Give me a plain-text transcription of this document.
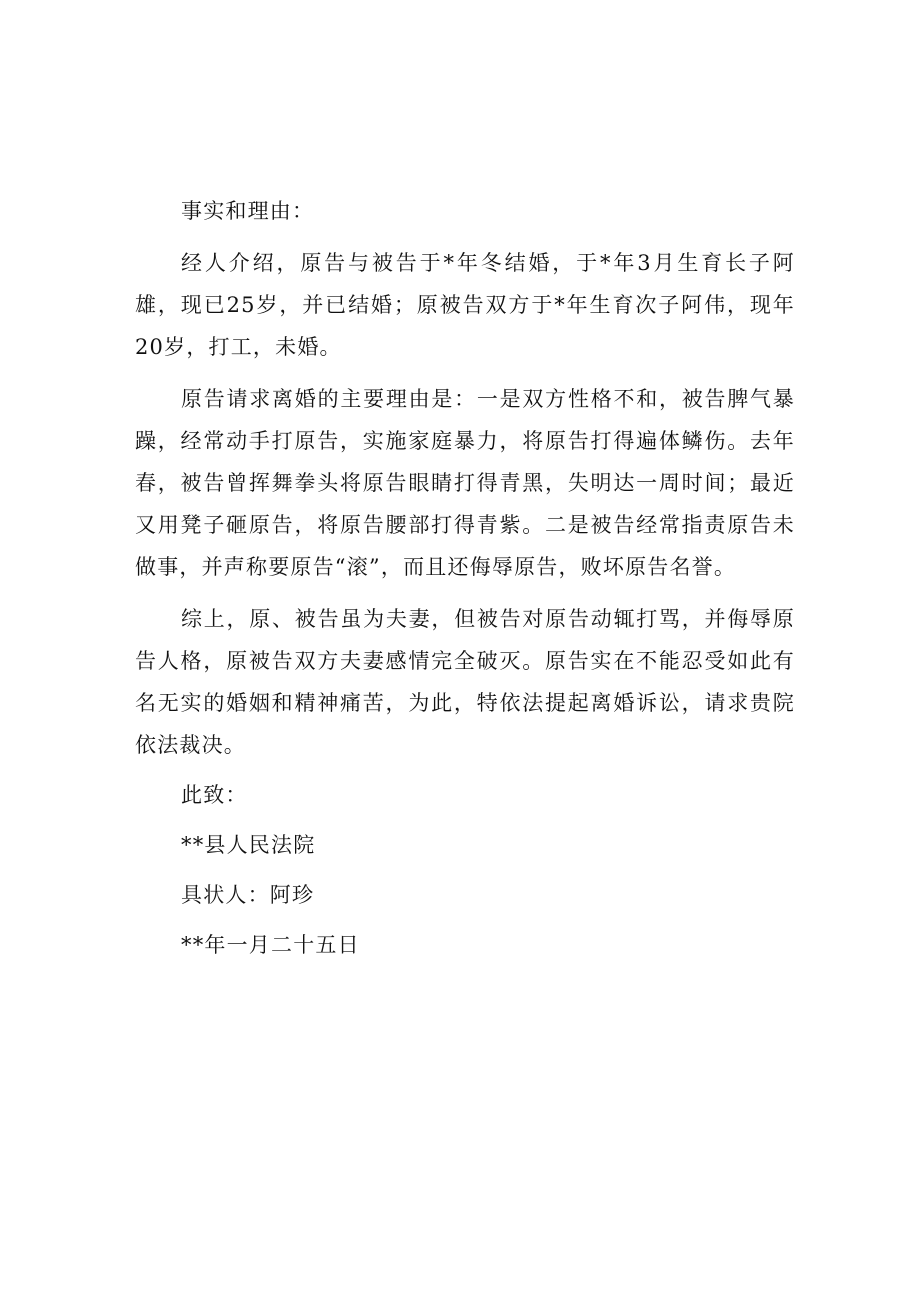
事实和理由：

经人介绍，原告与被告于*年冬结婚，于*年3月生育长子阿雄，现已25岁，并已结婚；原被告双方于*年生育次子阿伟，现年20岁，打工，未婚。

原告请求离婚的主要理由是：一是双方性格不和，被告脾气暴躁，经常动手打原告，实施家庭暴力，将原告打得遍体鳞伤。去年春，被告曾挥舞拳头将原告眼睛打得青黑，失明达一周时间；最近又用凳子砸原告，将原告腰部打得青紫。二是被告经常指责原告未做事，并声称要原告“滚”，而且还侮辱原告，败坏原告名誉。

综上，原、被告虽为夫妻，但被告对原告动辄打骂，并侮辱原告人格，原被告双方夫妻感情完全破灭。原告实在不能忍受如此有名无实的婚姻和精神痛苦，为此，特依法提起离婚诉讼，请求贵院依法裁决。

此致：

**县人民法院

具状人：阿珍

**年一月二十五日
